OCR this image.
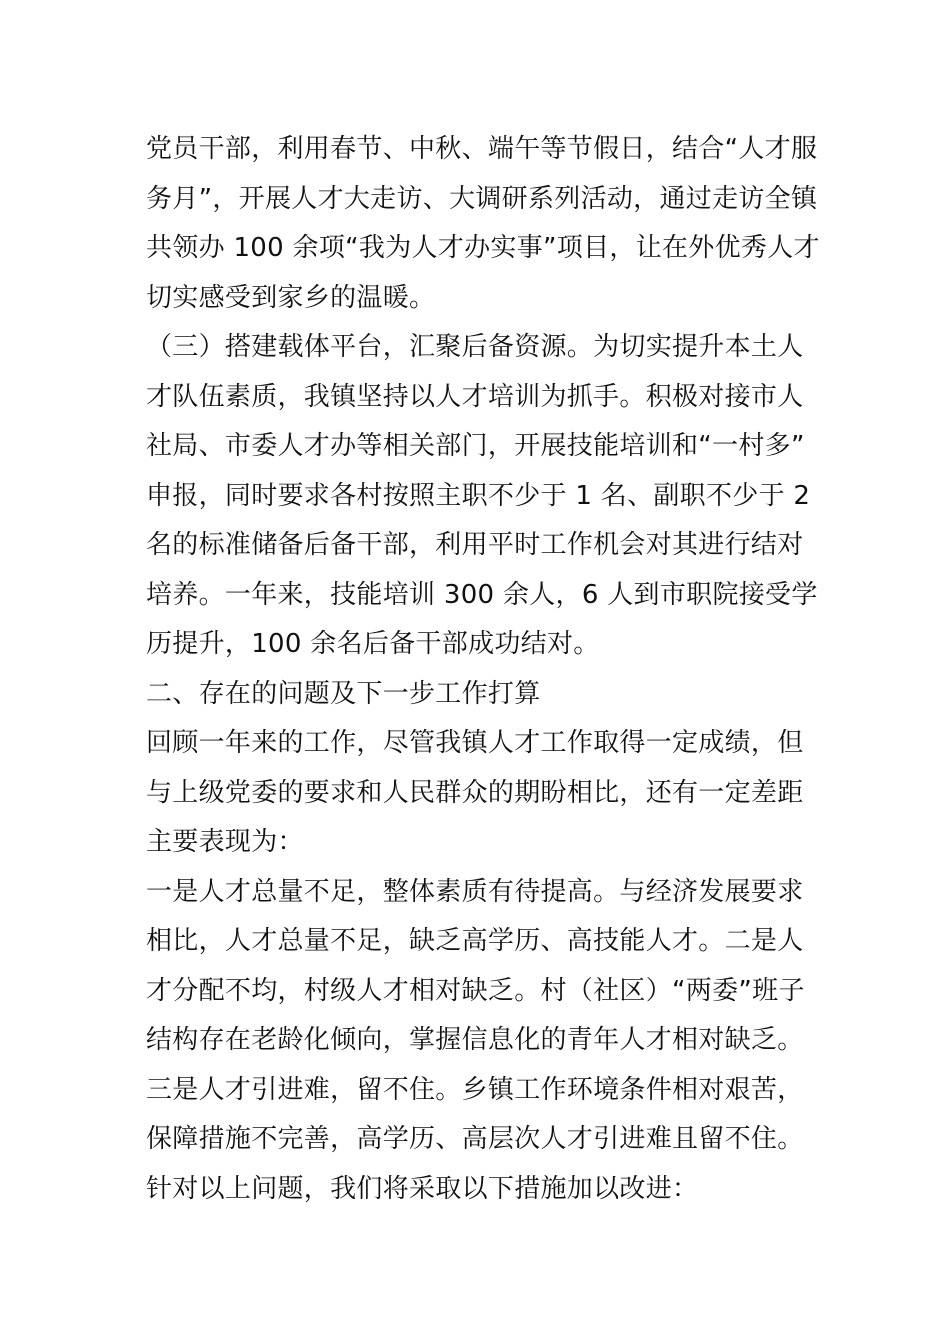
党员干部，利用春节、中秋、端午等节假日，结合“人才服
务月”，开展人才大走访、大调研系列活动，通过走访全镇
共领办 100 余项“我为人才办实事”项目，让在外优秀人才
切实感受到家乡的温暖。
（三）搭建载体平台，汇聚后备资源。为切实提升本土人
才队伍素质，我镇坚持以人才培训为抓手。积极对接市人
社局、市委人才办等相关部门，开展技能培训和“一村多”
申报，同时要求各村按照主职不少于 1 名、副职不少于 2
名的标准储备后备干部，利用平时工作机会对其进行结对
培养。一年来，技能培训 300 余人，6 人到市职院接受学
历提升，100 余名后备干部成功结对。
二、存在的问题及下一步工作打算
回顾一年来的工作，尽管我镇人才工作取得一定成绩，但
与上级党委的要求和人民群众的期盼相比，还有一定差距
主要表现为：
一是人才总量不足，整体素质有待提高。与经济发展要求
相比，人才总量不足，缺乏高学历、高技能人才。二是人
才分配不均，村级人才相对缺乏。村（社区）“两委”班子
结构存在老龄化倾向，掌握信息化的青年人才相对缺乏。
三是人才引进难，留不住。乡镇工作环境条件相对艰苦，
保障措施不完善，高学历、高层次人才引进难且留不住。
针对以上问题，我们将采取以下措施加以改进：
